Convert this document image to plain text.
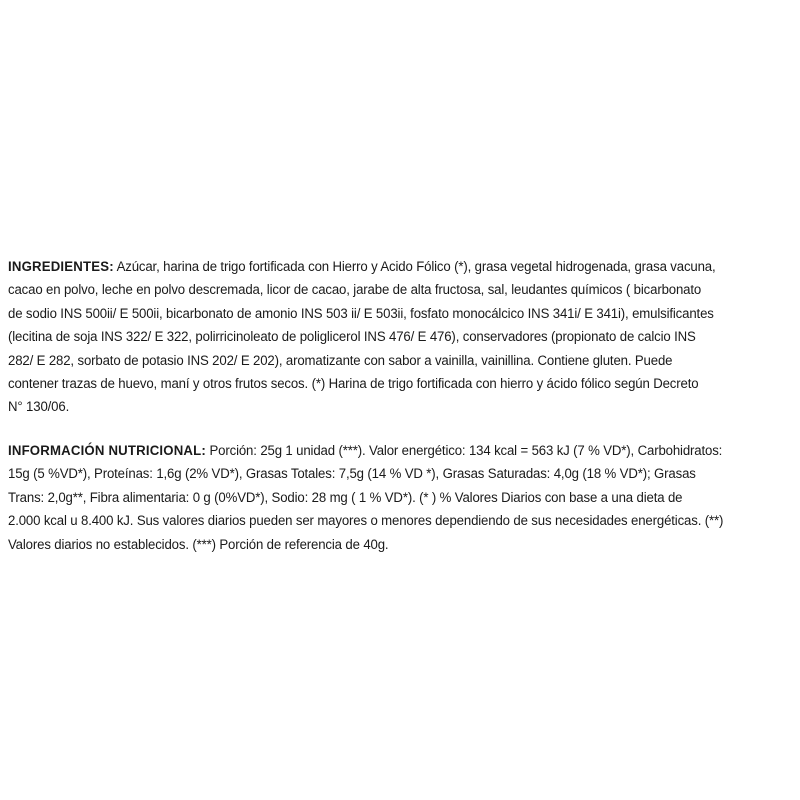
INGREDIENTES: Azúcar, harina de trigo fortificada con Hierro y Acido Fólico (*), grasa vegetal hidrogenada, grasa vacuna,
cacao en polvo, leche en polvo descremada, licor de cacao, jarabe de alta fructosa, sal, leudantes químicos ( bicarbonato
de sodio INS 500ii/ E 500ii, bicarbonato de amonio INS 503 ii/ E 503ii, fosfato monocálcico INS 341i/ E 341i), emulsificantes
(lecitina de soja INS 322/ E 322, polirricinoleato de poliglicerol INS 476/ E 476), conservadores (propionato de calcio INS
282/ E 282, sorbato de potasio INS 202/ E 202), aromatizante con sabor a vainilla, vainillina. Contiene gluten. Puede
contener trazas de huevo, maní y otros frutos secos. (*) Harina de trigo fortificada con hierro y ácido fólico según Decreto
N° 130/06.
INFORMACIÓN NUTRICIONAL: Porción: 25g 1 unidad (***). Valor energético: 134 kcal = 563 kJ (7 % VD*), Carbohidratos:
15g (5 %VD*), Proteínas: 1,6g (2% VD*), Grasas Totales: 7,5g (14 % VD *), Grasas Saturadas: 4,0g (18 % VD*); Grasas
Trans: 2,0g**, Fibra alimentaria: 0 g (0%VD*), Sodio: 28 mg ( 1 % VD*). (* ) % Valores Diarios con base a una dieta de
2.000 kcal u 8.400 kJ. Sus valores diarios pueden ser mayores o menores dependiendo de sus necesidades energéticas. (**)
Valores diarios no establecidos. (***) Porción de referencia de 40g.
